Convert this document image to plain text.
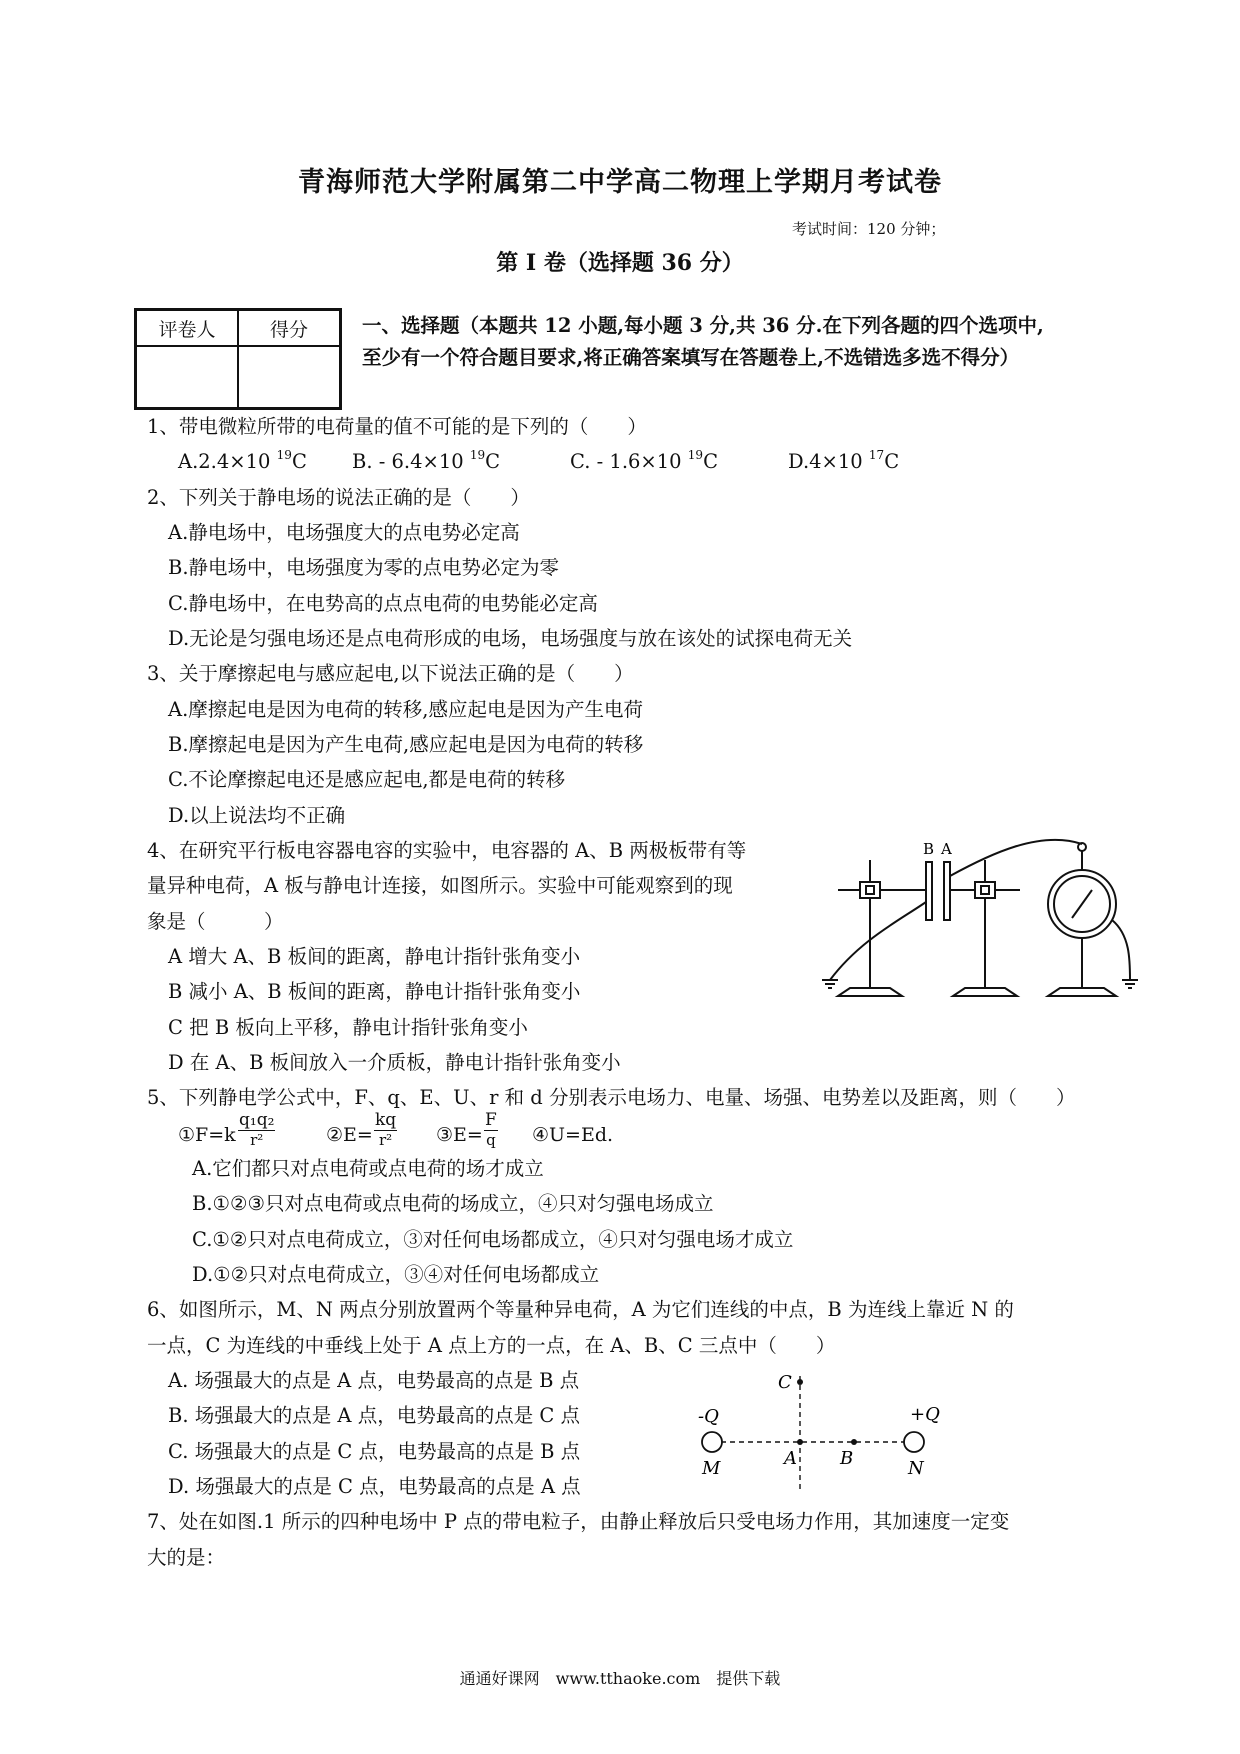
青海师范大学附属第二中学高二物理上学期月考试卷
考试时间：120 分钟；
第 I 卷（选择题 36 分）
评卷人	得分
		一、选择题（本题共 12 小题,每小题 3 分,共 36 分.在下列各题的四个选项中,
至少有一个符合题目要求,将正确答案填写在答题卷上,不选错选多选不得分）
1、带电微粒所带的电荷量的值不可能的是下列的（　　）
A.2.4×10 $^{19}$C B. - 6.4×10 $^{19}$C	C. - 1.6×10 $^{19}$C	D.4×10 $^{17}$C
2、下列关于静电场的说法正确的是（　　）
A.静电场中，电场强度大的点电势必定高
B.静电场中，电场强度为零的点电势必定为零
C.静电场中，在电势高的点点电荷的电势能必定高
D.无论是匀强电场还是点电荷形成的电场，电场强度与放在该处的试探电荷无关
3、关于摩擦起电与感应起电,以下说法正确的是（　　）
A.摩擦起电是因为电荷的转移,感应起电是因为产生电荷
B.摩擦起电是因为产生电荷,感应起电是因为电荷的转移
C.不论摩擦起电还是感应起电,都是电荷的转移
D.以上说法均不正确
4、在研究平行板电容器电容的实验中，电容器的 A、B 两极板带有等
量异种电荷，A 板与静电计连接，如图所示。实验中可能观察到的现
象是（　　　）
A 增大 A、B 板间的距离，静电计指针张角变小
B 减小 A、B 板间的距离，静电计指针张角变小
C 把 B 板向上平移，静电计指针张角变小
D 在 A、B 板间放入一介质板，静电计指针张角变小
B A
5、下列静电学公式中，F、q、E、U、r 和 d 分别表示电场力、电量、场强、电势差以及距离，则（　　）
①F=k $\frac{\text{q₁q₂}}{\text{r²}}$	②E= $\frac{kq}{\text{r²}}$ ③E= $\frac{F}{q}$ ④U=Ed.
A.它们都只对点电荷或点电荷的场才成立
B.①②③只对点电荷或点电荷的场成立，④只对匀强电场成立
C.①②只对点电荷成立，③对任何电场都成立，④只对匀强电场才成立
D.①②只对点电荷成立，③④对任何电场都成立
6、如图所示，M、N 两点分别放置两个等量种异电荷，A 为它们连线的中点，B 为连线上靠近 N 的
一点，C 为连线的中垂线上处于 A 点上方的一点，在 A、B、C 三点中（　　）
A. 场强最大的点是 A 点，电势最高的点是 B 点
B. 场强最大的点是 A 点，电势最高的点是 C 点
C. 场强最大的点是 C 点，电势最高的点是 B 点
D. 场强最大的点是 C 点，电势最高的点是 A 点
C
-Q	+Q
M	A B	N
7、处在如图.1 所示的四种电场中 P 点的带电粒子，由静止释放后只受电场力作用，其加速度一定变
大的是：
通通好课网　www.tthaoke.com　提供下载
